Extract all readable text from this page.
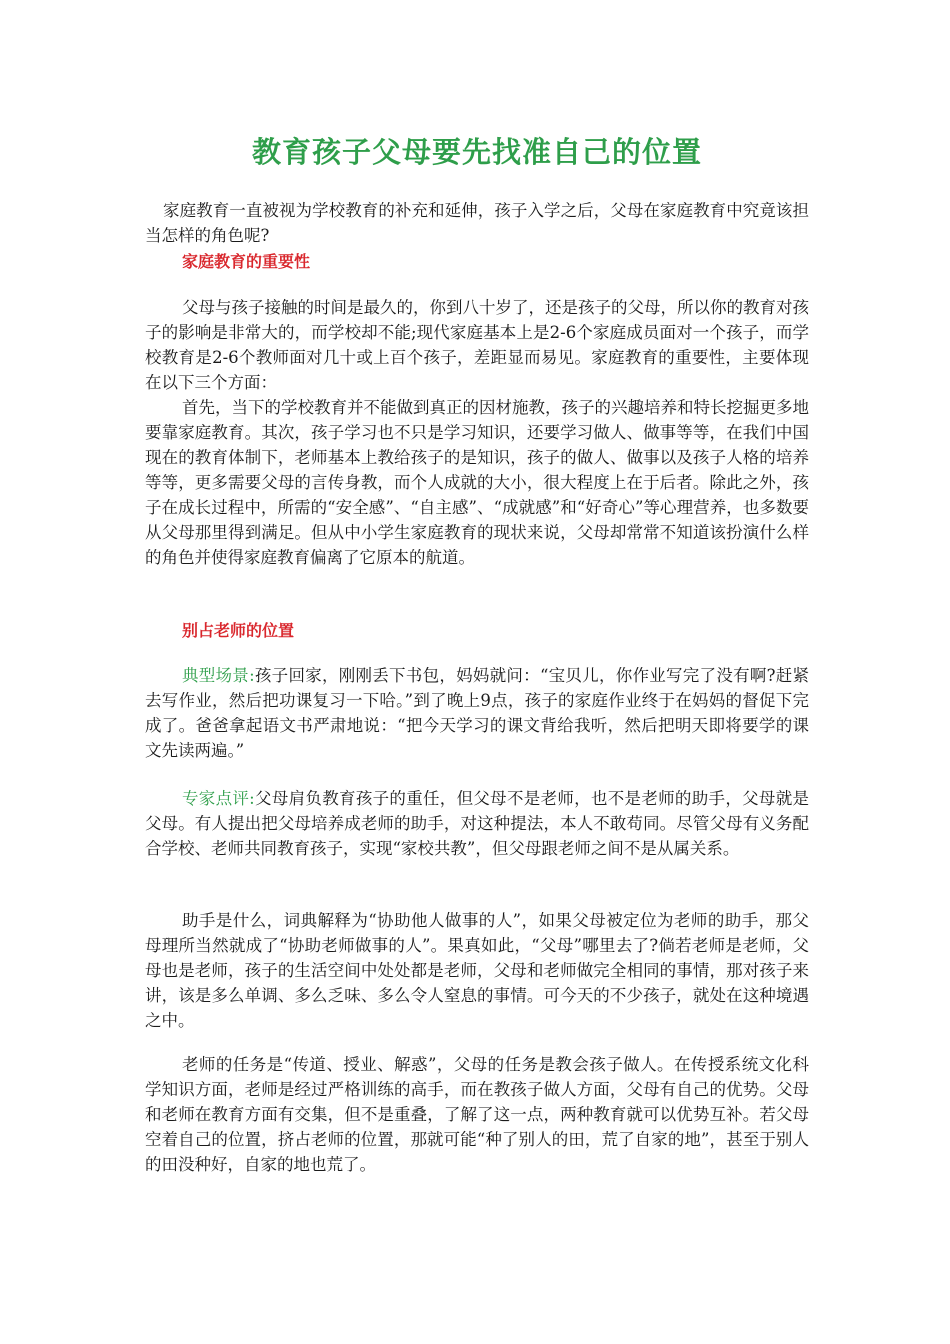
教育孩子父母要先找准自己的位置

家庭教育一直被视为学校教育的补充和延伸，孩子入学之后，父母在家庭教育中究竟该担当怎样的角色呢?

家庭教育的重要性

父母与孩子接触的时间是最久的，你到八十岁了，还是孩子的父母，所以你的教育对孩子的影响是非常大的，而学校却不能;现代家庭基本上是2-6个家庭成员面对一个孩子，而学校教育是2-6个教师面对几十或上百个孩子，差距显而易见。家庭教育的重要性，主要体现在以下三个方面：

首先，当下的学校教育并不能做到真正的因材施教，孩子的兴趣培养和特长挖掘更多地要靠家庭教育。其次，孩子学习也不只是学习知识，还要学习做人、做事等等，在我们中国现在的教育体制下，老师基本上教给孩子的是知识，孩子的做人、做事以及孩子人格的培养等等，更多需要父母的言传身教，而个人成就的大小，很大程度上在于后者。除此之外，孩子在成长过程中，所需的“安全感”、“自主感”、“成就感”和“好奇心”等心理营养，也多数要从父母那里得到满足。但从中小学生家庭教育的现状来说，父母却常常不知道该扮演什么样的角色并使得家庭教育偏离了它原本的航道。

别占老师的位置

典型场景:孩子回家，刚刚丢下书包，妈妈就问：“宝贝儿，你作业写完了没有啊?赶紧去写作业，然后把功课复习一下哈。”到了晚上9点，孩子的家庭作业终于在妈妈的督促下完成了。爸爸拿起语文书严肃地说：“把今天学习的课文背给我听，然后把明天即将要学的课文先读两遍。”

专家点评:父母肩负教育孩子的重任，但父母不是老师，也不是老师的助手，父母就是父母。有人提出把父母培养成老师的助手，对这种提法，本人不敢苟同。尽管父母有义务配合学校、老师共同教育孩子，实现“家校共教”，但父母跟老师之间不是从属关系。

助手是什么，词典解释为“协助他人做事的人”，如果父母被定位为老师的助手，那父母理所当然就成了“协助老师做事的人”。果真如此，“父母”哪里去了?倘若老师是老师，父母也是老师，孩子的生活空间中处处都是老师，父母和老师做完全相同的事情，那对孩子来讲，该是多么单调、多么乏味、多么令人窒息的事情。可今天的不少孩子，就处在这种境遇之中。

老师的任务是“传道、授业、解惑”，父母的任务是教会孩子做人。在传授系统文化科学知识方面，老师是经过严格训练的高手，而在教孩子做人方面，父母有自己的优势。父母和老师在教育方面有交集，但不是重叠，了解了这一点，两种教育就可以优势互补。若父母空着自己的位置，挤占老师的位置，那就可能“种了别人的田，荒了自家的地”，甚至于别人的田没种好，自家的地也荒了。
